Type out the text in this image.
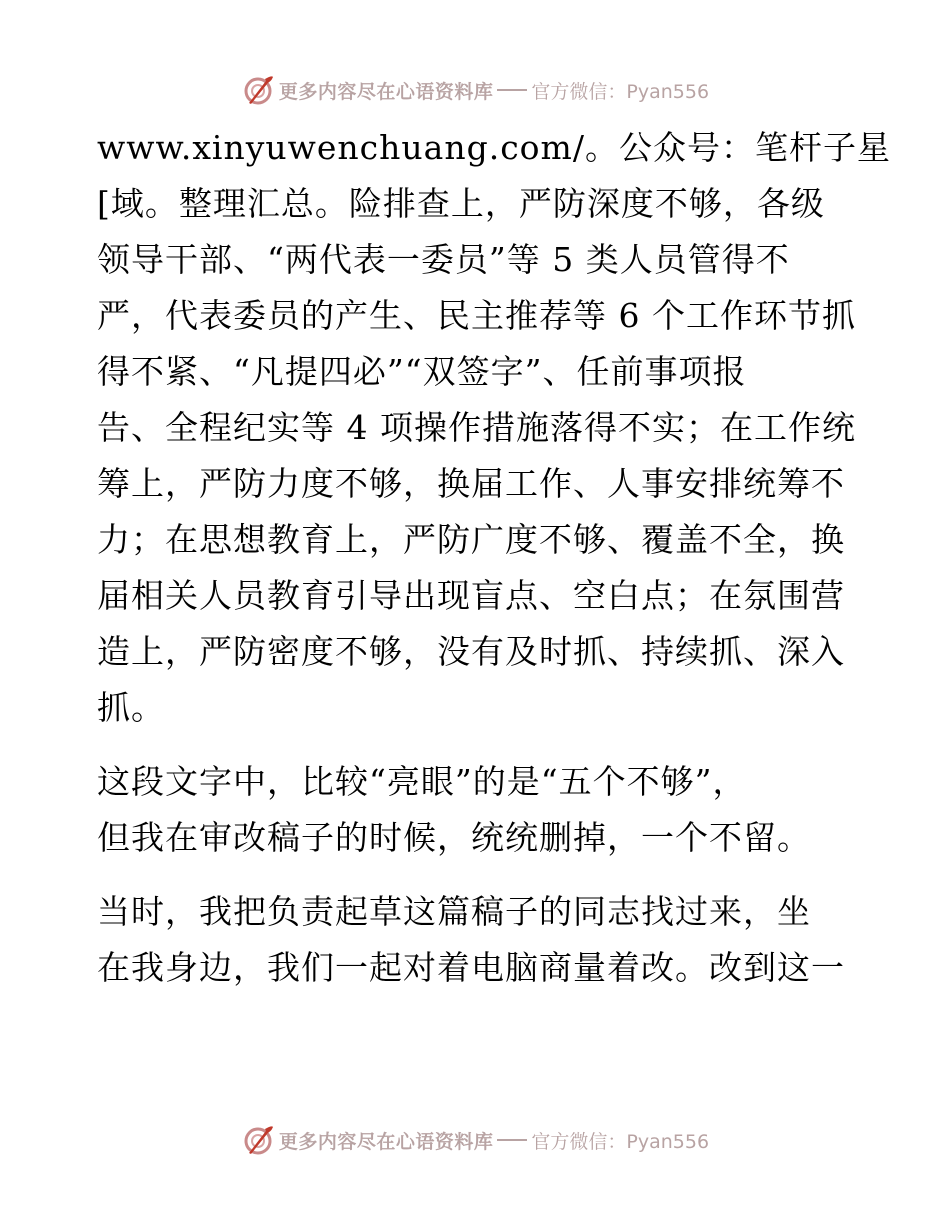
更多内容尽在心语资料库 官方微信：Pyan556

www.xinyuwenchuang.com/。公众号：笔杆子星
[域。整理汇总。险排查上，严防深度不够，各级
领导干部、“两代表一委员”等 5 类人员管得不
严，代表委员的产生、民主推荐等 6 个工作环节抓
得不紧、“凡提四必”“双签字”、任前事项报
告、全程纪实等 4 项操作措施落得不实；在工作统
筹上，严防力度不够，换届工作、人事安排统筹不
力；在思想教育上，严防广度不够、覆盖不全，换
届相关人员教育引导出现盲点、空白点；在氛围营
造上，严防密度不够，没有及时抓、持续抓、深入
抓。

这段文字中，比较“亮眼”的是“五个不够”，
但我在审改稿子的时候，统统删掉，一个不留。

当时，我把负责起草这篇稿子的同志找过来，坐
在我身边，我们一起对着电脑商量着改。改到这一

更多内容尽在心语资料库 官方微信：Pyan556
